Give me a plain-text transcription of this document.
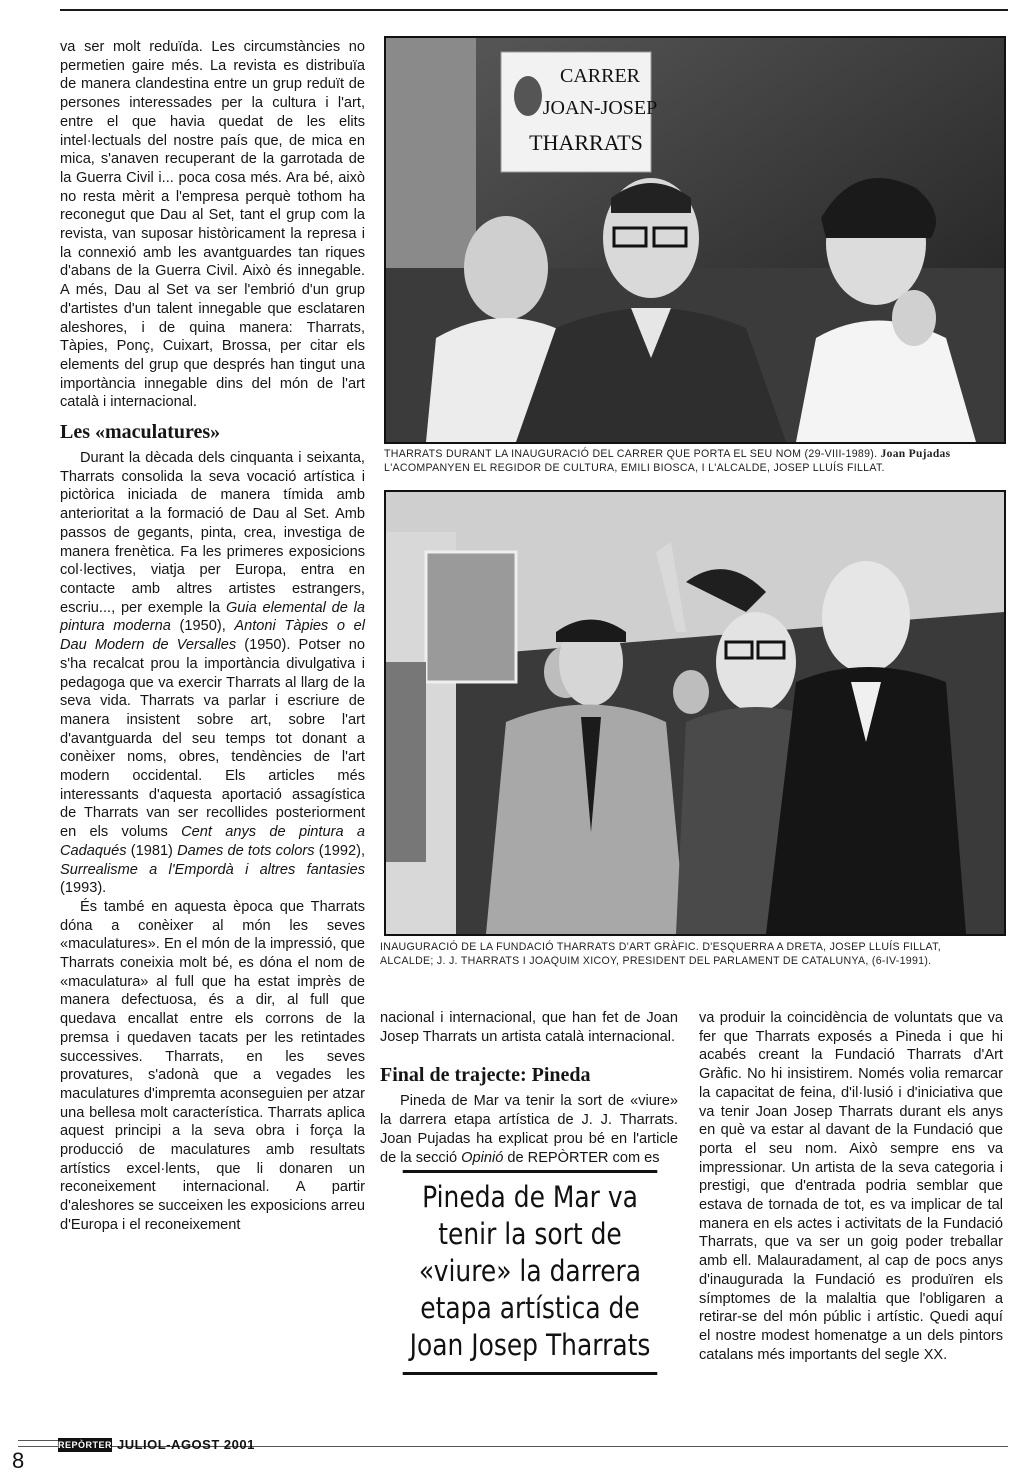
va ser molt reduïda. Les circumstàncies no permetien gaire més. La revista es distribuïa de manera clandestina entre un grup reduït de persones interessades per la cultura i l'art, entre el que havia quedat de les elits intel·lectuals del nostre país que, de mica en mica, s'anaven recuperant de la garrotada de la Guerra Civil i... poca cosa més. Ara bé, això no resta mèrit a l'empresa perquè tothom ha reconegut que Dau al Set, tant el grup com la revista, van suposar històricament la represa i la connexió amb les avantguardes tan riques d'abans de la Guerra Civil. Això és innegable. A més, Dau al Set va ser l'embrió d'un grup d'artistes d'un talent innegable que esclataren aleshores, i de quina manera: Tharrats, Tàpies, Ponç, Cuixart, Brossa, per citar els elements del grup que després han tingut una importància innegable dins del món de l'art català i internacional.

Les «maculatures»

Durant la dècada dels cinquanta i seixanta, Tharrats consolida la seva vocació artística i pictòrica iniciada de manera tímida amb anterioritat a la formació de Dau al Set. Amb passos de gegants, pinta, crea, investiga de manera frenètica. Fa les primeres exposicions col·lectives, viatja per Europa, entra en contacte amb altres artistes estrangers, escriu..., per exemple la Guia elemental de la pintura moderna (1950), Antoni Tàpies o el Dau Modern de Versalles (1950). Potser no s'ha recalcat prou la importància divulgativa i pedagoga que va exercir Tharrats al llarg de la seva vida. Tharrats va parlar i escriure de manera insistent sobre art, sobre l'art d'avantguarda del seu temps tot donant a conèixer noms, obres, tendències de l'art modern occidental. Els articles més interessants d'aquesta aportació assagística de Tharrats van ser recollides posteriorment en els volums Cent anys de pintura a Cadaqués (1981) Dames de tots colors (1992), Surrealisme a l'Empordà i altres fantasies (1993).

És també en aquesta època que Tharrats dóna a conèixer al món les seves «maculatures». En el món de la impressió, que Tharrats coneixia molt bé, es dóna el nom de «maculatura» al full que ha estat imprès de manera defectuosa, és a dir, al full que quedava encallat entre els corrons de la premsa i quedaven tacats per les retintades successives. Tharrats, en les seves provatures, s'adonà que a vegades les maculatures d'impremta aconseguien per atzar una bellesa molt característica. Tharrats aplica aquest principi a la seva obra i força la producció de maculatures amb resultats artístics excel·lents, que li donaren un reconeixement internacional. A partir d'aleshores se succeixen les exposicions arreu d'Europa i el reconeixement

CARRER
JOAN-JOSEP
THARRATS
THARRATS DURANT LA INAUGURACIÓ DEL CARRER QUE PORTA EL SEU NOM (29-VIII-1989). Joan Pujadas
L'ACOMPANYEN EL REGIDOR DE CULTURA, EMILI BIOSCA, I L'ALCALDE, JOSEP LLUÍS FILLAT.
INAUGURACIÓ DE LA FUNDACIÓ THARRATS D'ART GRÀFIC. D'ESQUERRA A DRETA, JOSEP LLUÍS FILLAT,
ALCALDE; J. J. THARRATS I JOAQUIM XICOY, PRESIDENT DEL PARLAMENT DE CATALUNYA, (6-IV-1991).

nacional i internacional, que han fet de Joan Josep Tharrats un artista català internacional.

Final de trajecte: Pineda

Pineda de Mar va tenir la sort de «viure» la darrera etapa artística de J. J. Tharrats. Joan Pujadas ha explicat prou bé en l'article de la secció Opinió de REPÒRTER com es

Pineda de Mar va tenir la sort de «viure» la darrera etapa artística de Joan Josep Tharrats

va produir la coincidència de voluntats que va fer que Tharrats exposés a Pineda i que hi acabés creant la Fundació Tharrats d'Art Gràfic. No hi insistirem. Només volia remarcar la capacitat de feina, d'il·lusió i d'iniciativa que va tenir Joan Josep Tharrats durant els anys en què va estar al davant de la Fundació que porta el seu nom. Això sempre ens va impressionar. Un artista de la seva categoria i prestigi, que d'entrada podria semblar que estava de tornada de tot, es va implicar de tal manera en els actes i activitats de la Fundació Tharrats, que va ser un goig poder treballar amb ell. Malauradament, al cap de pocs anys d'inaugurada la Fundació es produïren els símptomes de la malaltia que l'obligaren a retirar-se del món públic i artístic. Quedi aquí el nostre modest homenatge a un dels pintors catalans més importants del segle XX.

8
REPÒRTER JULIOL-AGOST 2001
